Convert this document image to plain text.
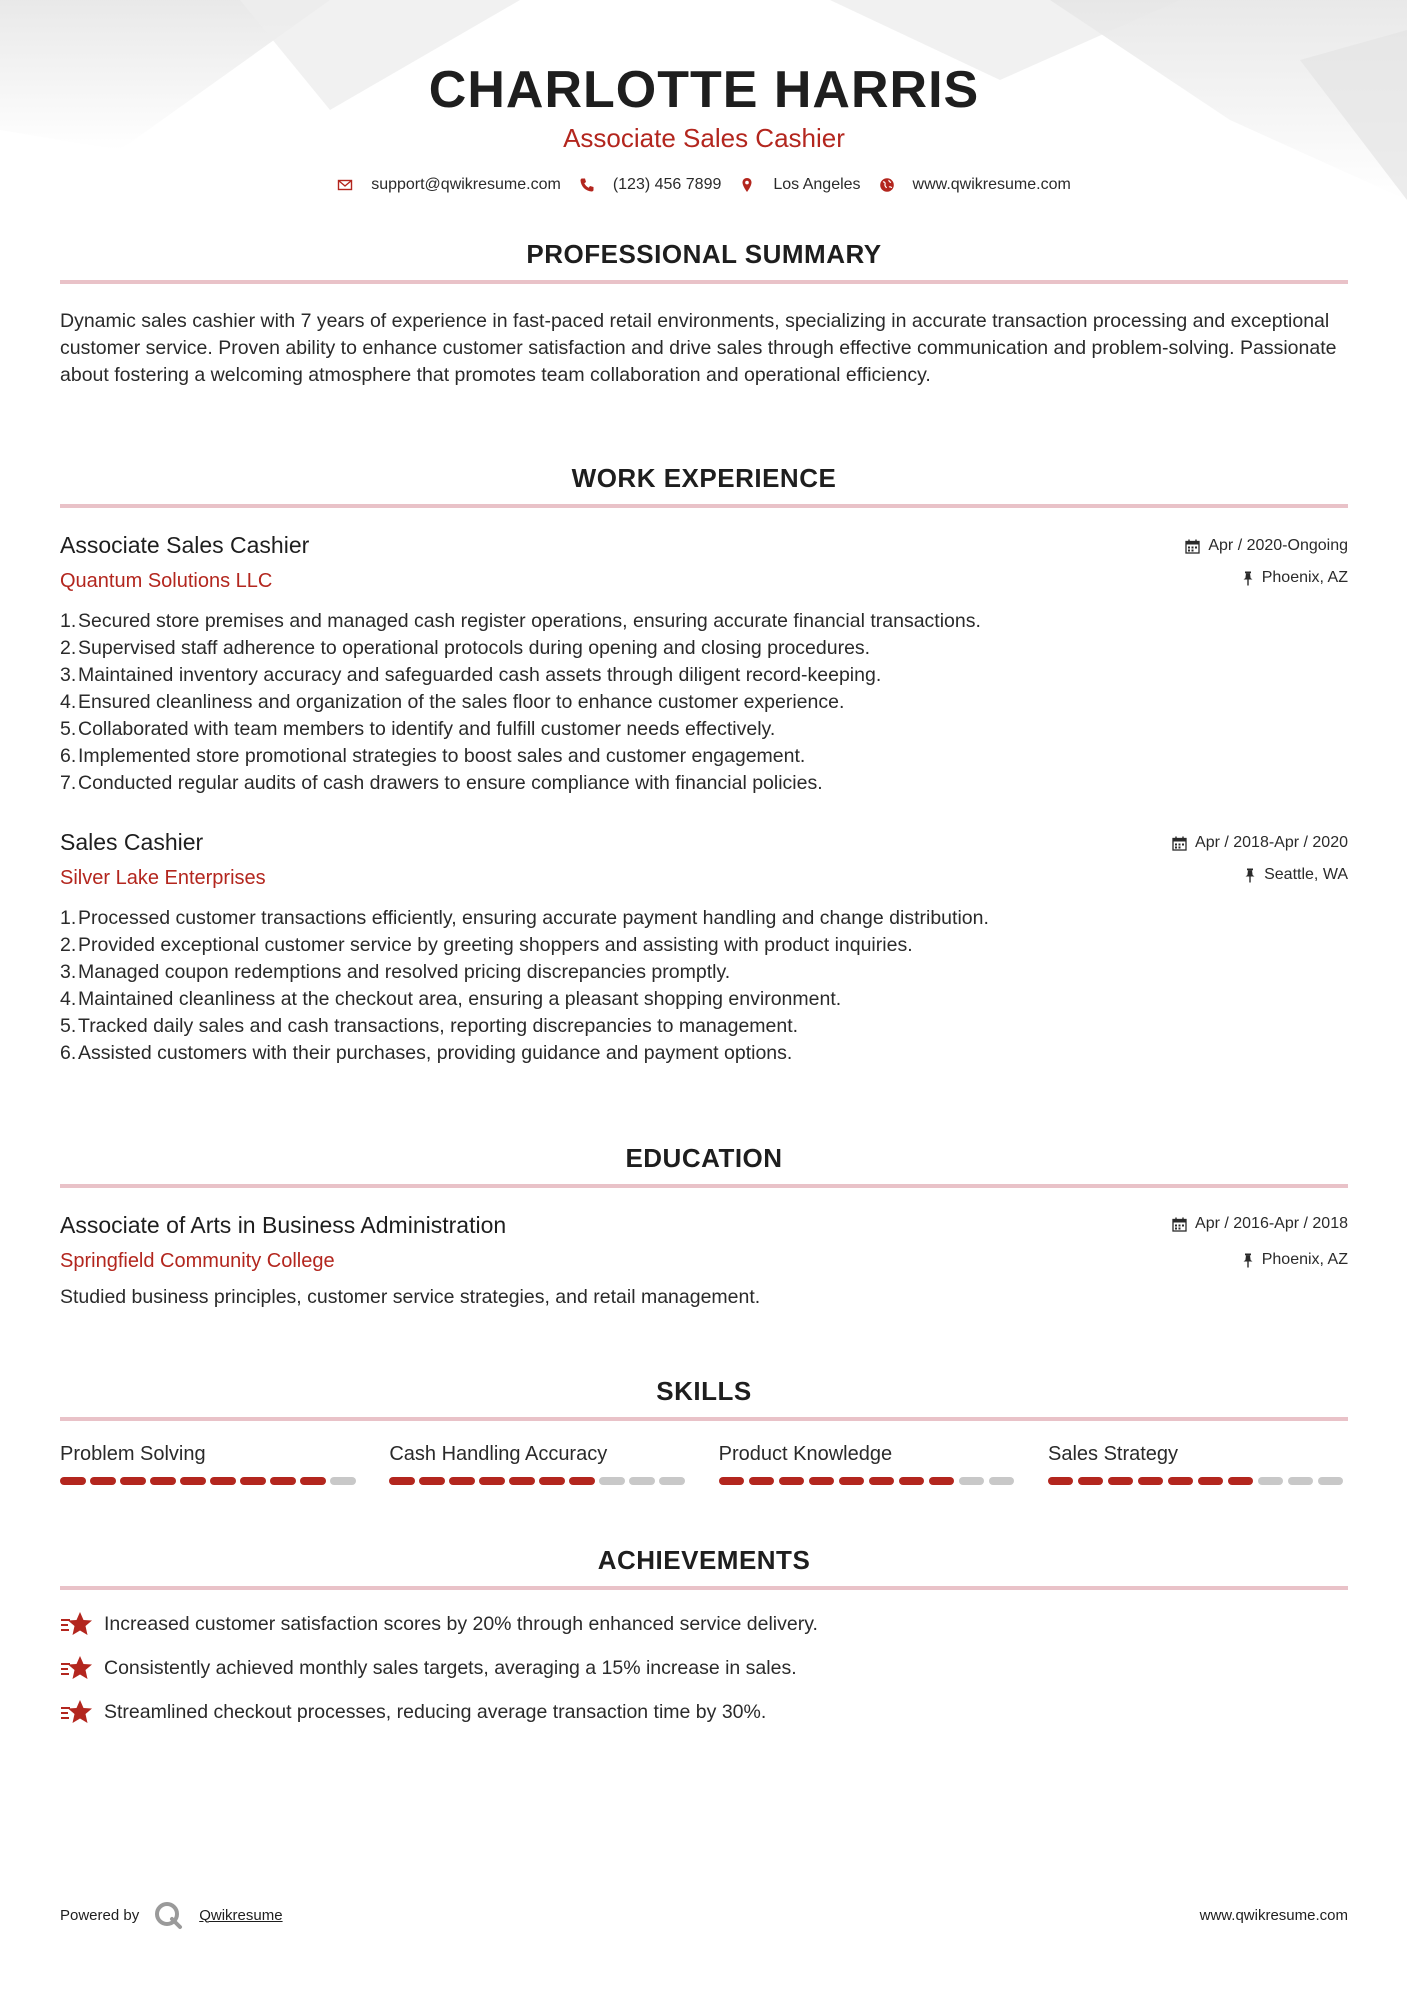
CHARLOTTE HARRIS
Associate Sales Cashier
support@qwikresume.com	(123) 456 7899	Los Angeles	www.qwikresume.com
PROFESSIONAL SUMMARY

Dynamic sales cashier with 7 years of experience in fast-paced retail environments, specializing in accurate transaction processing and exceptional customer service. Proven ability to enhance customer satisfaction and drive sales through effective communication and problem-solving. Passionate about fostering a welcoming atmosphere that promotes team collaboration and operational efficiency.

WORK EXPERIENCE
Associate Sales Cashier
Quantum Solutions LLC
Apr / 2020-Ongoing
Phoenix, AZ
1. Secured store premises and managed cash register operations, ensuring accurate financial transactions.
2. Supervised staff adherence to operational protocols during opening and closing procedures.
3. Maintained inventory accuracy and safeguarded cash assets through diligent record-keeping.
4. Ensured cleanliness and organization of the sales floor to enhance customer experience.
5. Collaborated with team members to identify and fulfill customer needs effectively.
6. Implemented store promotional strategies to boost sales and customer engagement.
7. Conducted regular audits of cash drawers to ensure compliance with financial policies.
Sales Cashier
Silver Lake Enterprises
Apr / 2018-Apr / 2020
Seattle, WA
1. Processed customer transactions efficiently, ensuring accurate payment handling and change distribution.
2. Provided exceptional customer service by greeting shoppers and assisting with product inquiries.
3. Managed coupon redemptions and resolved pricing discrepancies promptly.
4. Maintained cleanliness at the checkout area, ensuring a pleasant shopping environment.
5. Tracked daily sales and cash transactions, reporting discrepancies to management.
6. Assisted customers with their purchases, providing guidance and payment options.
EDUCATION
Associate of Arts in Business Administration
Springfield Community College
Apr / 2016-Apr / 2018
Phoenix, AZ

Studied business principles, customer service strategies, and retail management.

SKILLS
Problem Solving	Cash Handling Accuracy	Product Knowledge	Sales Strategy
ACHIEVEMENTS
Increased customer satisfaction scores by 20% through enhanced service delivery.
Consistently achieved monthly sales targets, averaging a 15% increase in sales.
Streamlined checkout processes, reducing average transaction time by 30%.
Powered by	Qwikresume	www.qwikresume.com
